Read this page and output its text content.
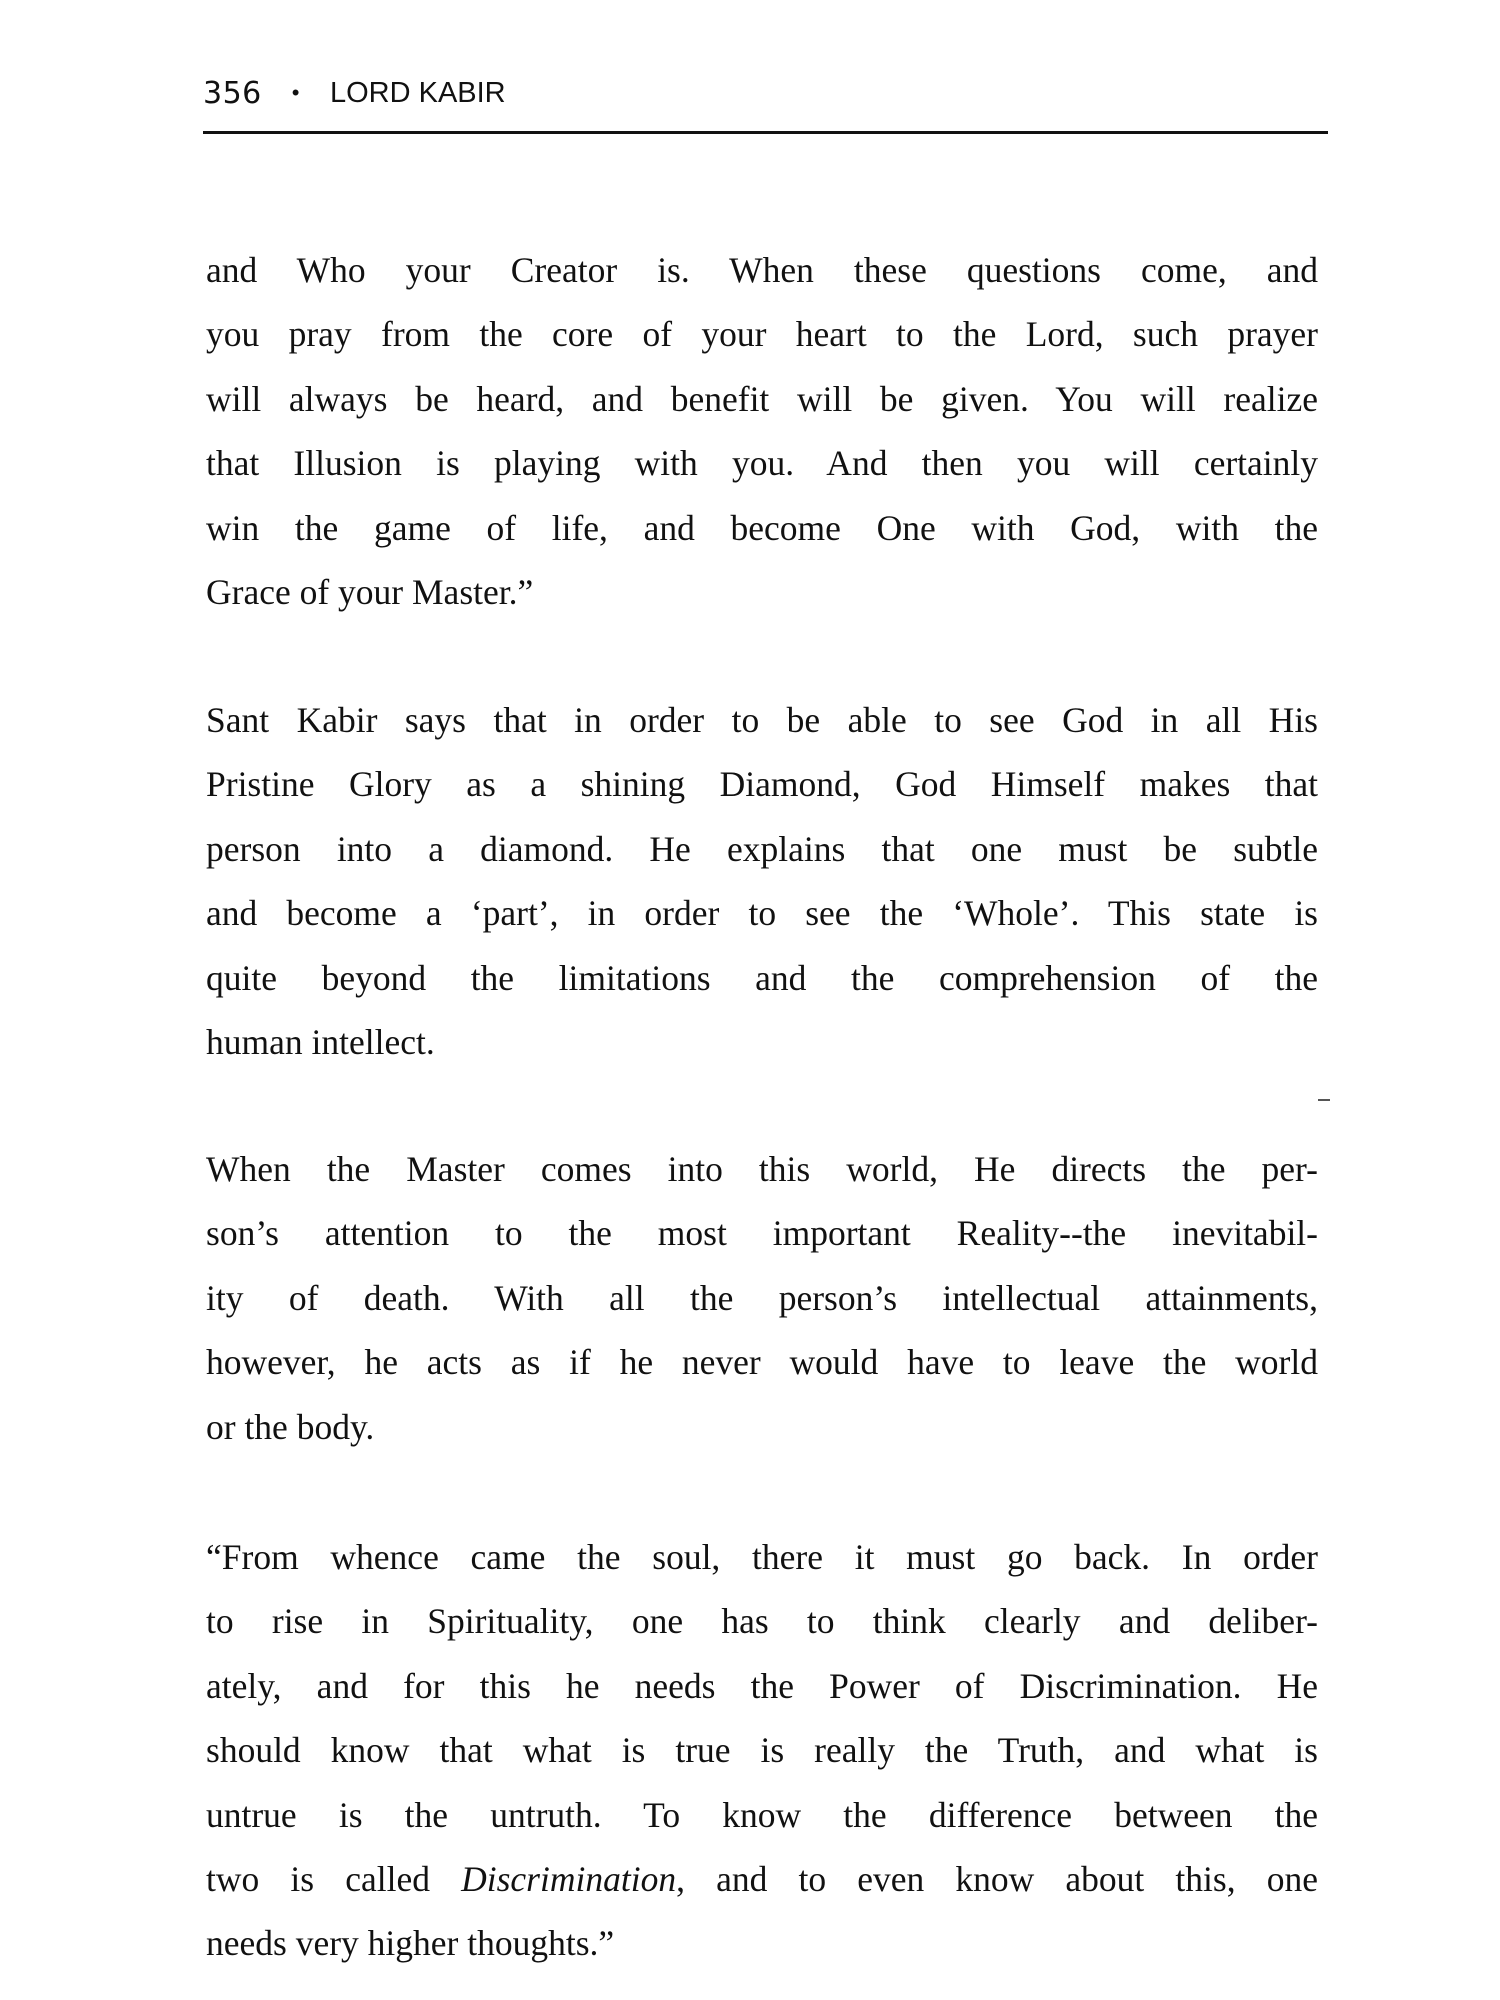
356 • LORD KABIR

and Who your Creator is. When these questions come, and
you pray from the core of your heart to the Lord, such prayer
will always be heard, and benefit will be given. You will realize
that Illusion is playing with you. And then you will certainly
win the game of life, and become One with God, with the
Grace of your Master.”

Sant Kabir says that in order to be able to see God in all His
Pristine Glory as a shining Diamond, God Himself makes that
person into a diamond. He explains that one must be subtle
and become a ‘part’, in order to see the ‘Whole’. This state is
quite beyond the limitations and the comprehension of the
human intellect.

When the Master comes into this world, He directs the per-
son’s attention to the most important Reality--the inevitabil-
ity of death. With all the person’s intellectual attainments,
however, he acts as if he never would have to leave the world
or the body.

“From whence came the soul, there it must go back. In order
to rise in Spirituality, one has to think clearly and deliber-
ately, and for this he needs the Power of Discrimination. He
should know that what is true is really the Truth, and what is
untrue is the untruth. To know the difference between the
two is called Discrimination, and to even know about this, one
needs very higher thoughts.”
